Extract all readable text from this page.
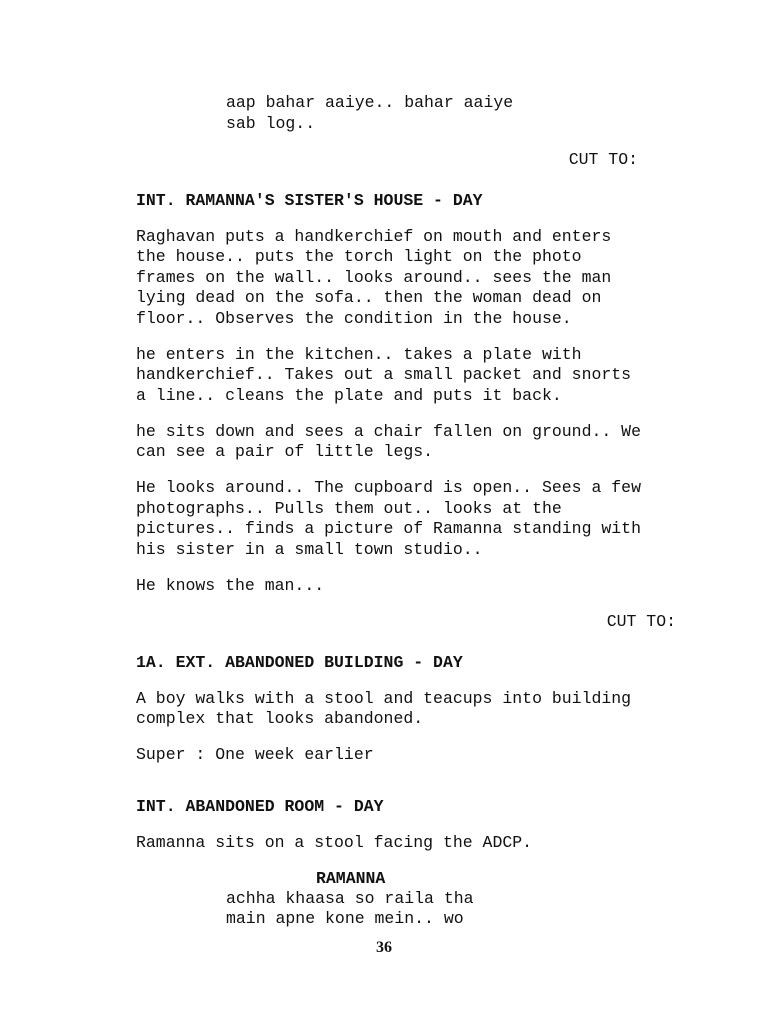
aap bahar aaiye.. bahar aaiye
sab log..
CUT TO:
INT. RAMANNA'S SISTER'S HOUSE - DAY
Raghavan puts a handkerchief on mouth and enters
the house.. puts the torch light on the photo
frames on the wall.. looks around.. sees the man
lying dead on the sofa.. then the woman dead on
floor.. Observes the condition in the house.
he enters in the kitchen.. takes a plate with
handkerchief.. Takes out a small packet and snorts
a line.. cleans the plate and puts it back.
he sits down and sees a chair fallen on ground.. We
can see a pair of little legs.
He looks around.. The cupboard is open.. Sees a few
photographs.. Pulls them out.. looks at the
pictures.. finds a picture of Ramanna standing with
his sister in a small town studio..
He knows the man...
CUT TO:
1A. EXT. ABANDONED BUILDING - DAY
A boy walks with a stool and teacups into building
complex that looks abandoned.
Super : One week earlier
INT. ABANDONED ROOM - DAY
Ramanna sits on a stool facing the ADCP.
RAMANNA
achha khaasa so raila tha
main apne kone mein.. wo
36
